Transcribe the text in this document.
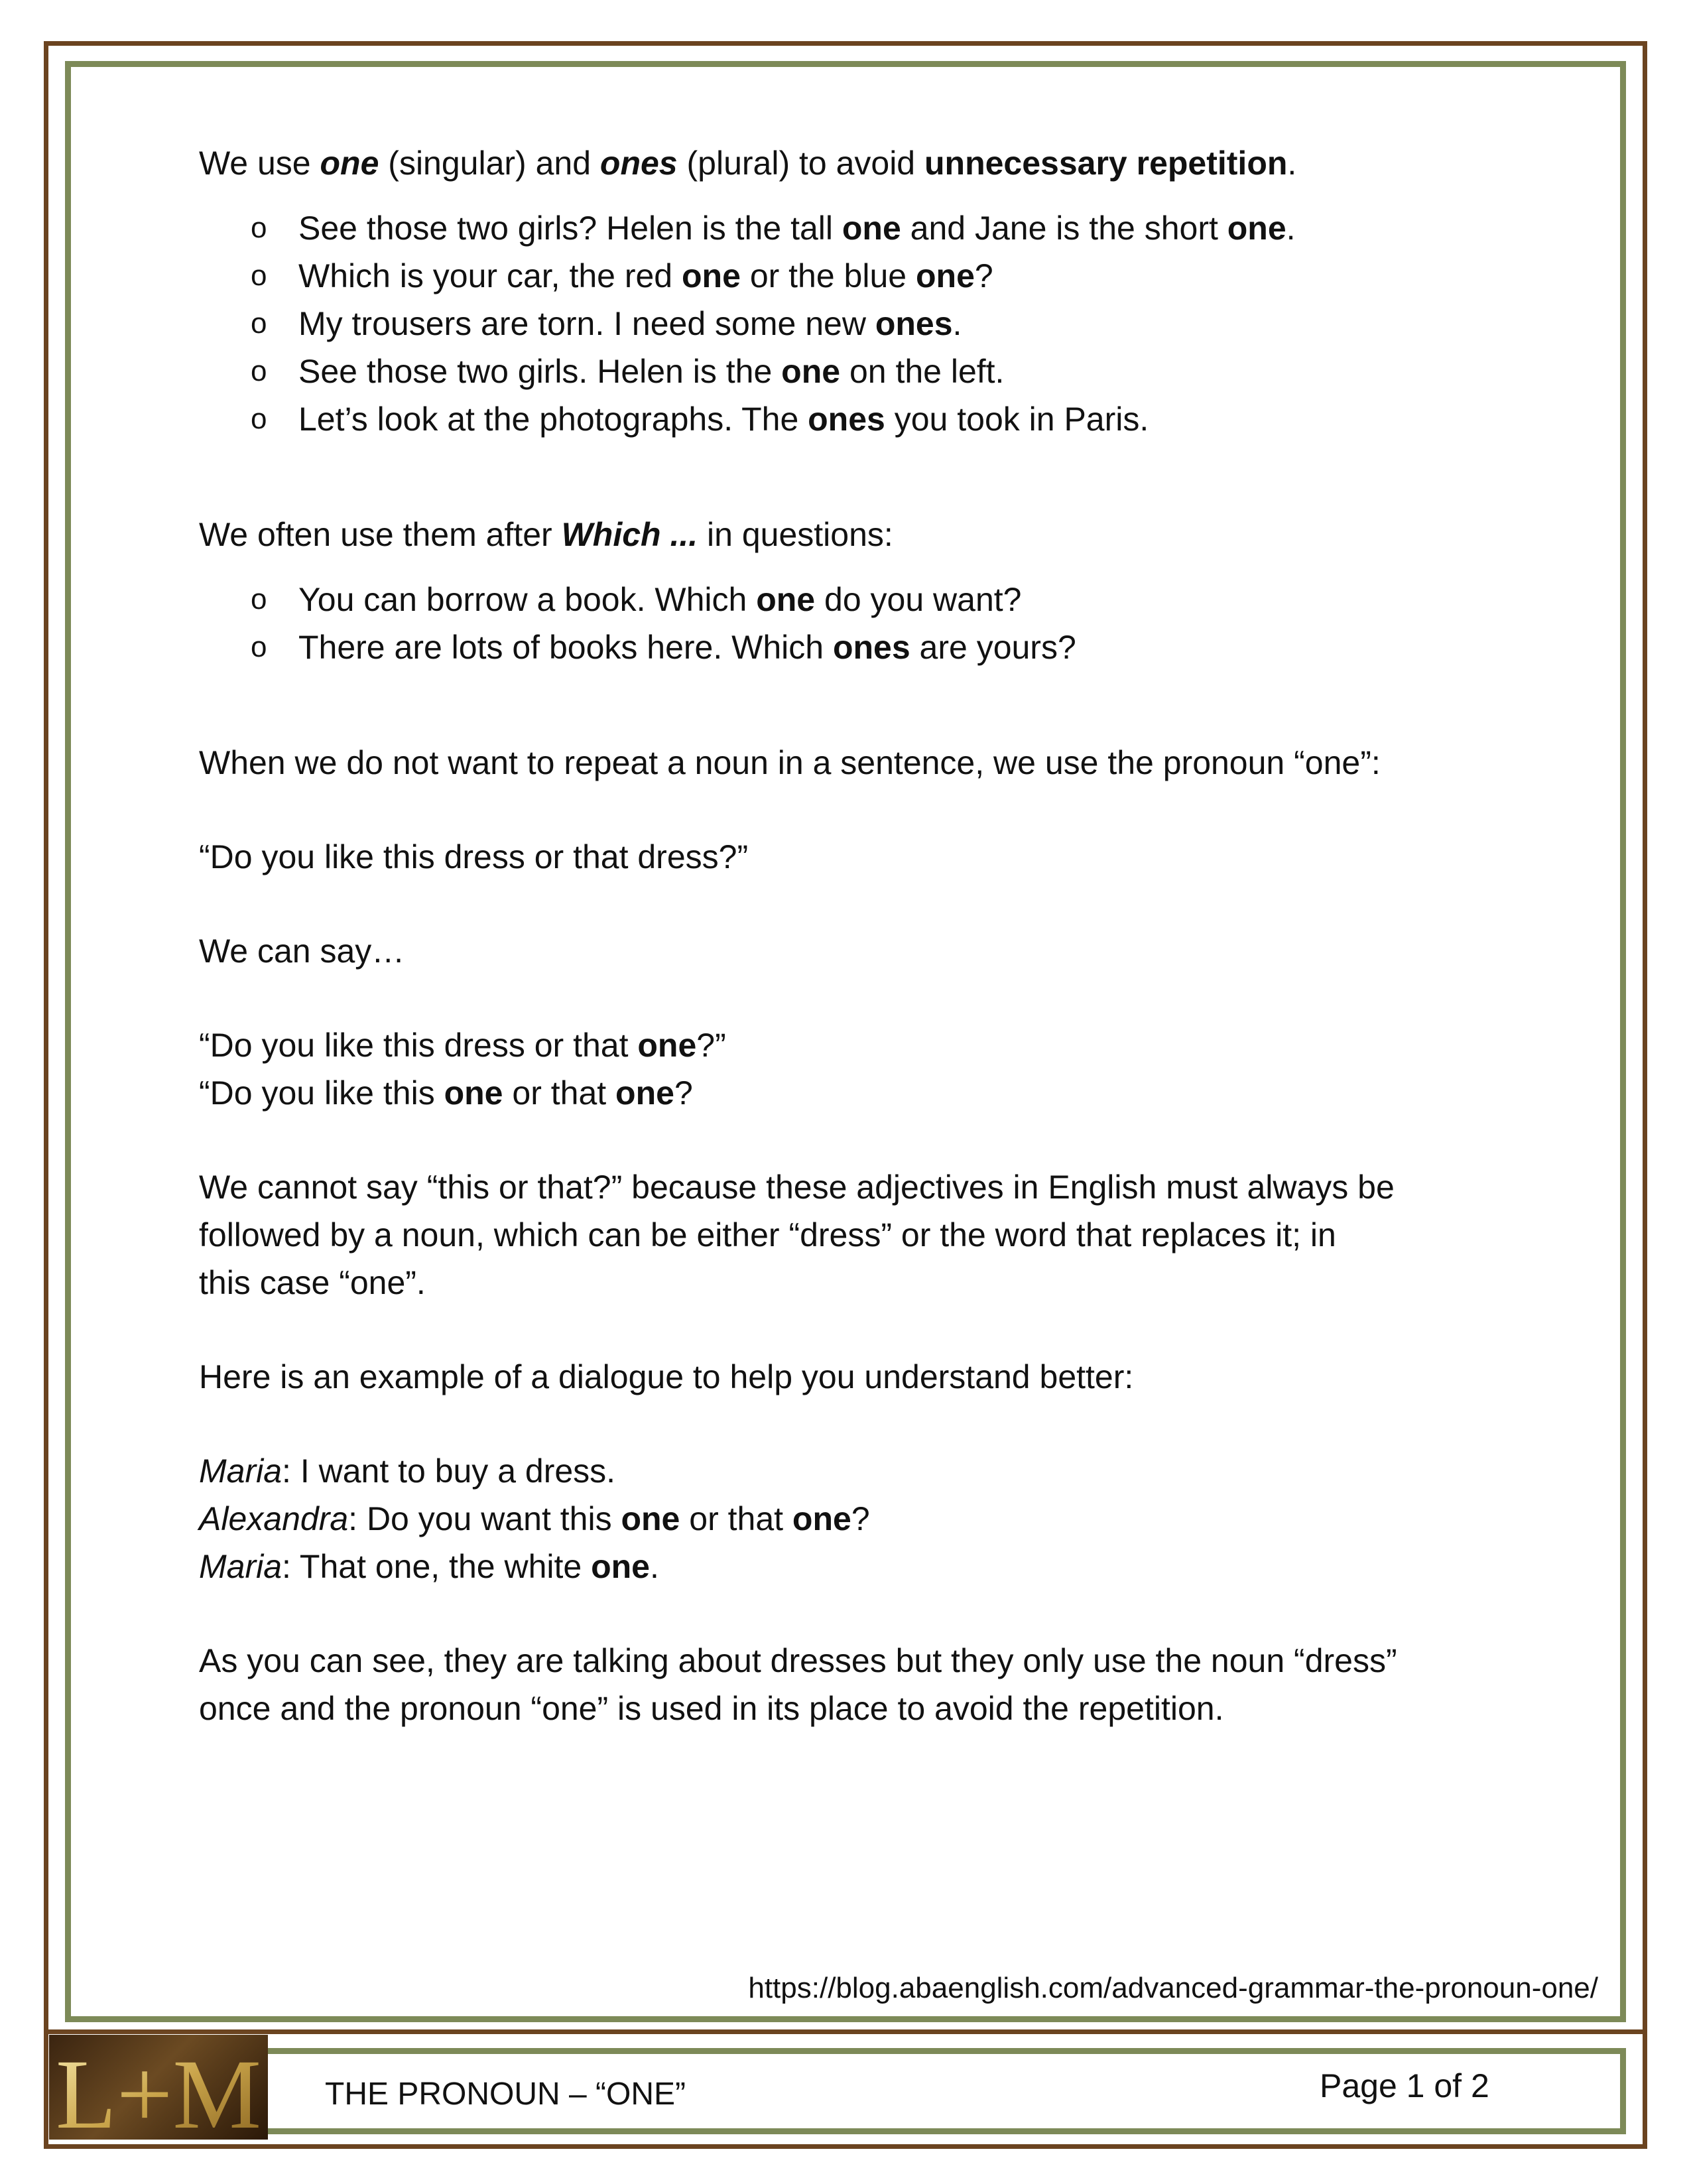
L+M

We use one (singular) and ones (plural) to avoid unnecessary repetition.

o See those two girls? Helen is the tall one and Jane is the short one.
o Which is your car, the red one or the blue one?
o My trousers are torn. I need some new ones.
o See those two girls. Helen is the one on the left.
o Let’s look at the photographs. The ones you took in Paris.

We often use them after Which ... in questions:

o You can borrow a book. Which one do you want?
o There are lots of books here. Which ones are yours?

When we do not want to repeat a noun in a sentence, we use the pronoun “one”:

“Do you like this dress or that dress?”

We can say…

“Do you like this dress or that one?”

“Do you like this one or that one?

We cannot say “this or that?” because these adjectives in English must always be

followed by a noun, which can be either “dress” or the word that replaces it; in

this case “one”.

Here is an example of a dialogue to help you understand better:

Maria: I want to buy a dress.

Alexandra: Do you want this one or that one?

Maria: That one, the white one.

As you can see, they are talking about dresses but they only use the noun “dress”

once and the pronoun “one” is used in its place to avoid the repetition.

https://blog.abaenglish.com/advanced-grammar-the-pronoun-one/
THE PRONOUN – “ONE”	Page 1 of 2
